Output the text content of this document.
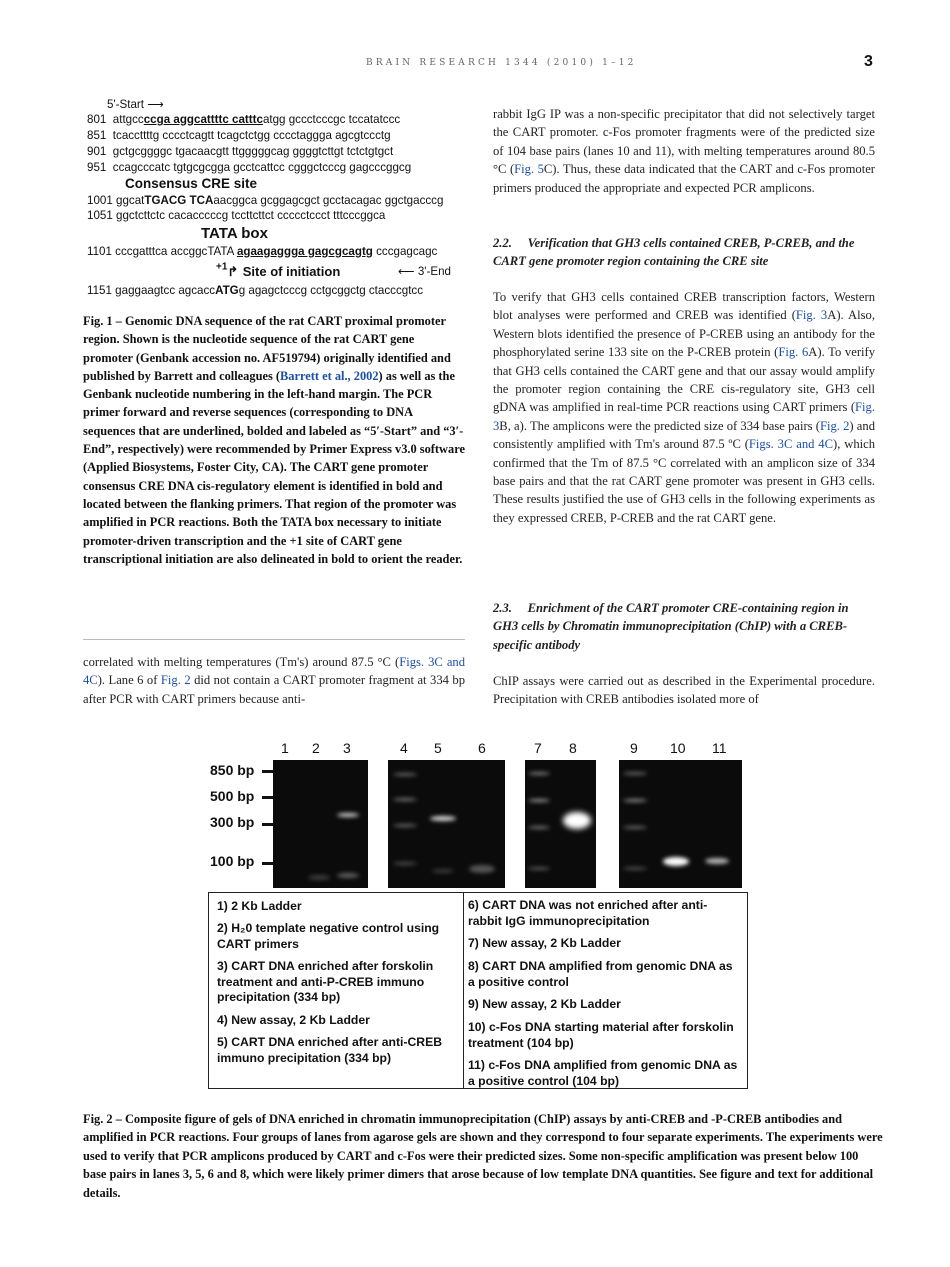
BRAIN RESEARCH 1344 (2010) 1–12	3
5'-Start ⟶
801 attgccccga aggcattttc catttcatgg gccctcccgc tccatatccc
851 tcaccttttg cccctcagtt tcagctctgg cccctaggga agcgtccctg
901 gctgcggggc tgacaacgtt ttgggggcag ggggtcttgt tctctgtgct
951 ccagcccatc tgtgcgcgga gcctcattcc cgggctcccg gagcccggcg
Consensus CRE site
1001 ggcatTGACG TCAaacggca gcggagcgct gcctacagac ggctgacccg
1051 ggctcttctc cacacccccg tccttcttct ccccctccct tttcccggca
TATA box
1101 cccgatttca accggcTATA agaagaggga gagcgcagtg cccgagcagc
⟵ 3'-End
$^{+1}$↱ Site of initiation
1151 gaggaagtcc agcaccATGg agagctcccg cctgcggctg ctacccgtcc
Fig. 1 – Genomic DNA sequence of the rat CART proximal promoter region. Shown is the nucleotide sequence of the rat CART gene promoter (Genbank accession no. AF519794) originally identified and published by Barrett and colleagues (Barrett et al., 2002) as well as the Genbank nucleotide numbering in the left-hand margin. The PCR primer forward and reverse sequences (corresponding to DNA sequences that are underlined, bolded and labeled as “5′-Start” and “3′-End”, respectively) were recommended by Primer Express v3.0 software (Applied Biosystems, Foster City, CA). The CART gene promoter consensus CRE DNA cis-regulatory element is identified in bold and located between the flanking primers. That region of the promoter was amplified in PCR reactions. Both the TATA box necessary to initiate promoter-driven transcription and the +1 site of CART gene transcriptional initiation are also delineated in bold to orient the reader.
correlated with melting temperatures (Tm's) around 87.5 °C (Figs. 3C and 4C). Lane 6 of Fig. 2 did not contain a CART promoter fragment at 334 bp after PCR with CART primers because anti-
rabbit IgG IP was a non-specific precipitator that did not selectively target the CART promoter. c-Fos promoter fragments were of the predicted size of 104 base pairs (lanes 10 and 11), with melting temperatures around 80.5 °C (Fig. 5C). Thus, these data indicated that the CART and c-Fos promoter primers produced the appropriate and expected PCR amplicons.
2.2.     Verification that GH3 cells contained CREB, P-CREB, and the CART gene promoter region containing the CRE site
To verify that GH3 cells contained CREB transcription factors, Western blot analyses were performed and CREB was identified (Fig. 3A). Also, Western blots identified the presence of P-CREB using an antibody for the phosphorylated serine 133 site on the P-CREB protein (Fig. 6A). To verify that GH3 cells contained the CART gene and that our assay would amplify the promoter region containing the CRE cis-regulatory site, GH3 cell gDNA was amplified in real-time PCR reactions using CART primers (Fig. 3B, a). The amplicons were the predicted size of 334 base pairs (Fig. 2) and consistently amplified with Tm's around 87.5 ºC (Figs. 3C and 4C), which confirmed that the Tm of 87.5 °C correlated with an amplicon size of 334 base pairs and that the rat CART gene promoter was present in GH3 cells. These results justified the use of GH3 cells in the following experiments as they expressed CREB, P-CREB and the rat CART gene.
2.3.     Enrichment of the CART promoter CRE-containing region in GH3 cells by Chromatin immunoprecipitation (ChIP) with a CREB-specific antibody
ChIP assays were carried out as described in the Experimental procedure. Precipitation with CREB antibodies isolated more of
1 2 3	4 5	6	7 8	9 10 11
850 bp
500 bp
300 bp
100 bp
1) 2 Kb Ladder
2) H₂0 template negative control using CART primers
3) CART DNA enriched after forskolin treatment and anti-P-CREB immuno precipitation (334 bp)
4) New assay, 2 Kb Ladder
5) CART DNA enriched after anti-CREB immuno precipitation (334 bp)
6) CART DNA was not enriched after anti-rabbit IgG immunoprecipitation
7) New assay, 2 Kb Ladder
8) CART DNA amplified from genomic DNA as a positive control
9) New assay, 2 Kb Ladder
10) c-Fos DNA starting material after forskolin treatment (104 bp)
11) c-Fos DNA amplified from genomic DNA as a positive control (104 bp)
Fig. 2 – Composite figure of gels of DNA enriched in chromatin immunoprecipitation (ChIP) assays by anti-CREB and -P-CREB antibodies and amplified in PCR reactions. Four groups of lanes from agarose gels are shown and they correspond to four separate experiments. The experiments were used to verify that PCR amplicons produced by CART and c-Fos were their predicted sizes. Some non-specific amplification was present below 100 base pairs in lanes 3, 5, 6 and 8, which were likely primer dimers that arose because of low template DNA quantities. See figure and text for additional details.
